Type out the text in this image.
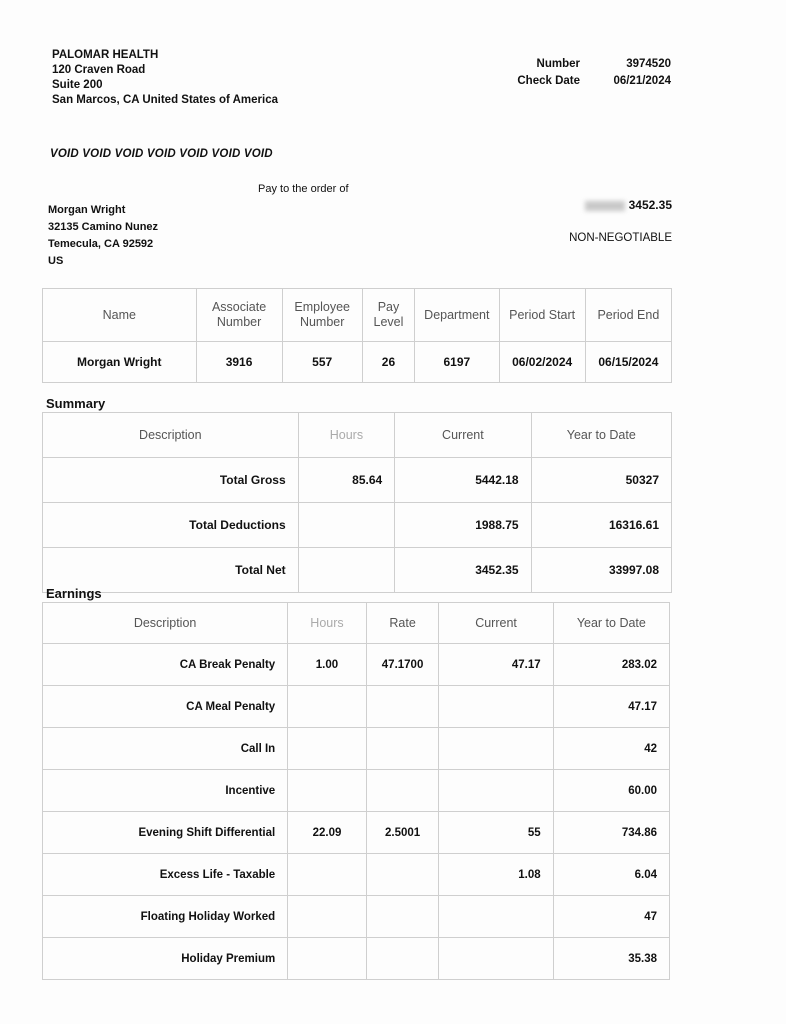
PALOMAR HEALTH
120 Craven Road
Suite 200
San Marcos, CA United States of America
Number	3974520
Check Date	06/21/2024
VOID VOID VOID VOID VOID VOID VOID
Pay to the order of
Morgan Wright
32135 Camino Nunez
Temecula, CA 92592
US
3452.35
NON-NEGOTIABLE
Name	Associate Number	Employee Number	Pay Level	Department	Period Start	Period End
Morgan Wright	3916	557	26	6197	06/02/2024	06/15/2024
Summary
Description	Hours	Current	Year to Date
Total Gross	85.64	5442.18	50327
Total Deductions		1988.75	16316.61
Total Net		3452.35	33997.08
Earnings
Description	Hours	Rate	Current	Year to Date
CA Break Penalty	1.00	47.1700	47.17	283.02
CA Meal Penalty				47.17
Call In				42
Incentive				60.00
Evening Shift Differential	22.09	2.5001	55	734.86
Excess Life - Taxable			1.08	6.04
Floating Holiday Worked				47
Holiday Premium				35.38
